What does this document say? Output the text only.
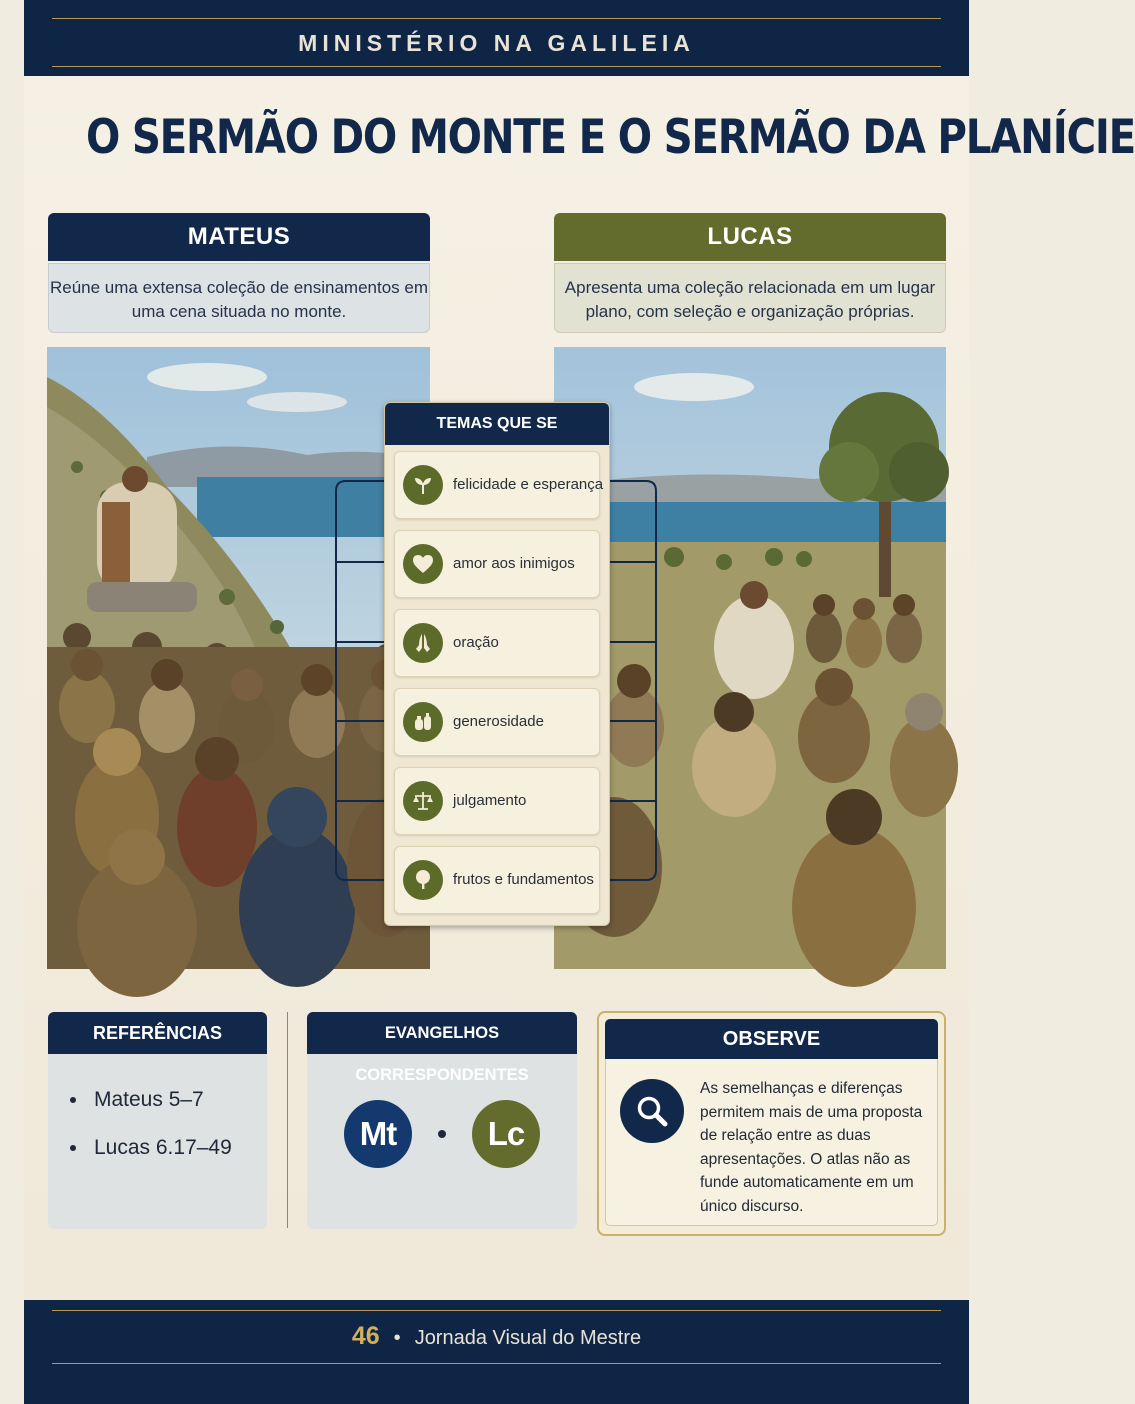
MINISTÉRIO NA GALILEIA
O SERMÃO DO MONTE E O SERMÃO DA PLANÍCIE
MATEUS
Reúne uma extensa coleção de ensinamentos em uma cena situada no monte.
LUCAS
Apresenta uma coleção relacionada em um lugar plano, com seleção e organização próprias.
TEMAS QUE SE
felicidade e esperança
amor aos inimigos
oração
generosidade
julgamento
frutos e fundamentos
REFERÊNCIAS
Mateus 5–7
Lucas 6.17–49
EVANGELHOS CORRESPONDENTES
Mt	Lc
OBSERVE
As semelhanças e diferenças permitem mais de uma proposta de relação entre as duas apresentações. O atlas não as funde automaticamente em um único discurso.
46 • Jornada Visual do Mestre
